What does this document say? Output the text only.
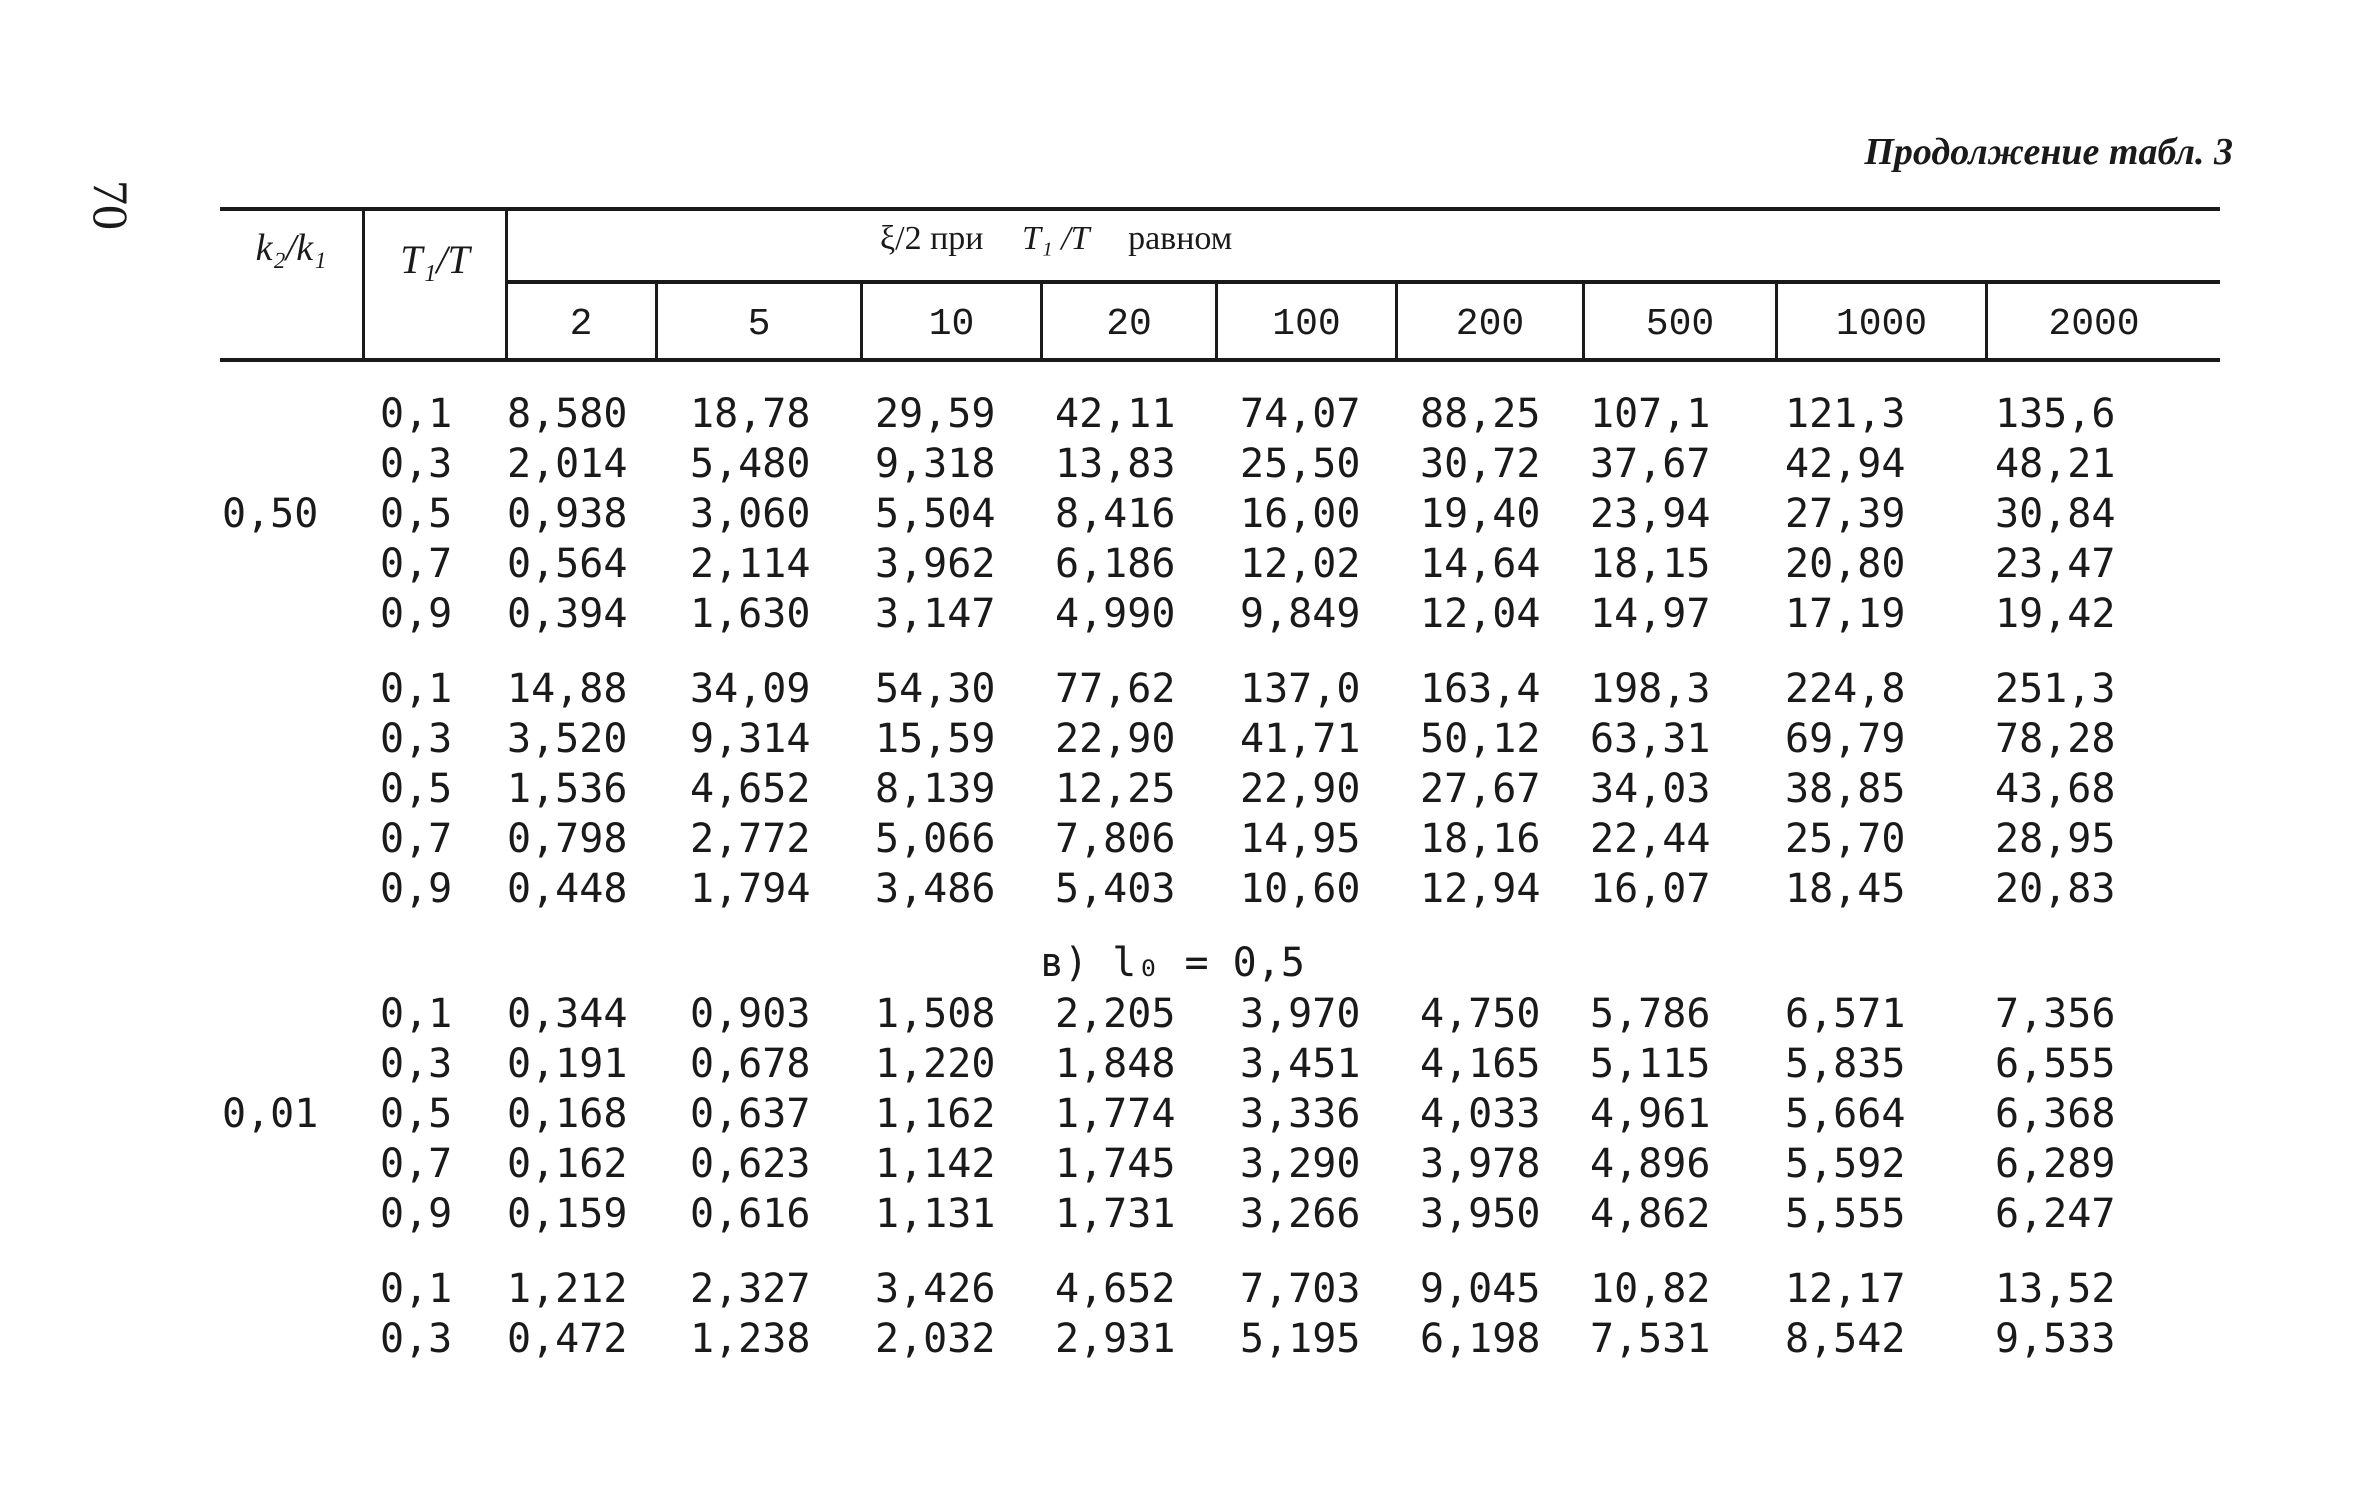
70
Продолжение табл. 3
k₂/k₁	T₁/T	ξ/2 при T₁ /T равном
2	5	10	20	100	200	500	1000	2000
0,50
0,1 8,580 18,78 29,59 42,11 74,07 88,25 107,1 121,3 135,6
0,3 2,014 5,480 9,318 13,83 25,50 30,72 37,67 42,94 48,21
0,5 0,938 3,060 5,504 8,416 16,00 19,40 23,94 27,39 30,84
0,7 0,564 2,114 3,962 6,186 12,02 14,64 18,15 20,80 23,47
0,9 0,394 1,630 3,147 4,990 9,849 12,04 14,97 17,19 19,42
0,1 14,88 34,09 54,30 77,62 137,0 163,4 198,3 224,8 251,3
0,3 3,520 9,314 15,59 22,90 41,71 50,12 63,31 69,79 78,28
0,5 1,536 4,652 8,139 12,25 22,90 27,67 34,03 38,85 43,68
0,7 0,798 2,772 5,066 7,806 14,95 18,16 22,44 25,70 28,95
0,9 0,448 1,794 3,486 5,403 10,60 12,94 16,07 18,45 20,83
0,01
0,1 0,344 0,903 1,508 2,205 3,970 4,750 5,786 6,571 7,356
0,3 0,191 0,678 1,220 1,848 3,451 4,165 5,115 5,835 6,555
0,5 0,168 0,637 1,162 1,774 3,336 4,033 4,961 5,664 6,368
0,7 0,162 0,623 1,142 1,745 3,290 3,978 4,896 5,592 6,289
0,9 0,159 0,616 1,131 1,731 3,266 3,950 4,862 5,555 6,247
0,1 1,212 2,327 3,426 4,652 7,703 9,045 10,82 12,17 13,52
0,3 0,472 1,238 2,032 2,931 5,195 6,198 7,531 8,542 9,533
в) l₀ = 0,5
